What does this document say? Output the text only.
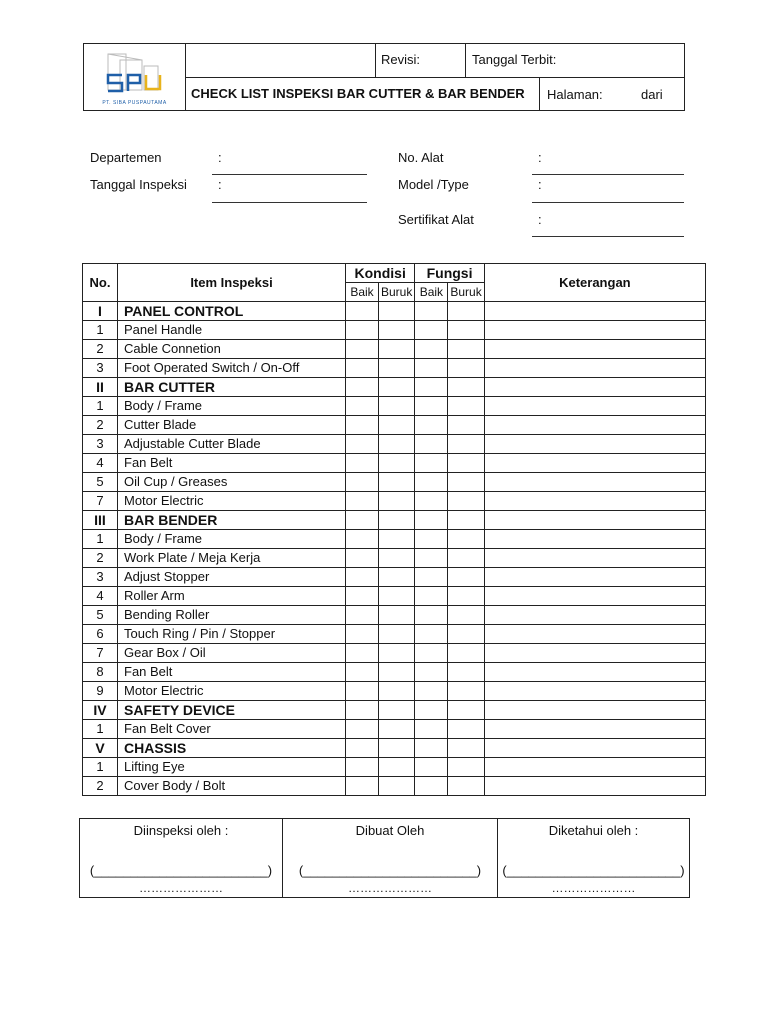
PT. SIBA PUSPAUTAMA
Revisi:	Tanggal Terbit:
CHECK LIST INSPEKSI BAR CUTTER & BAR BENDER Halaman:	dari
Departemen	:
Tanggal Inspeksi :
No. Alat	:
Model /Type	:
Sertifikat Alat	:
No.	Item Inspeksi	Kondisi		Fungsi		Keterangan
		Baik	Buruk	Baik	Buruk	
I	PANEL CONTROL					
1	Panel Handle					
2	Cable Connetion					
3	Foot Operated Switch / On-Off					
II	BAR CUTTER					
1	Body / Frame					
2	Cutter Blade					
3	Adjustable Cutter Blade					
4	Fan Belt					
5	Oil Cup / Greases					
7	Motor Electric					
III	BAR BENDER					
1	Body / Frame					
2	Work Plate / Meja Kerja					
3	Adjust Stopper					
4	Roller Arm					
5	Bending Roller					
6	Touch Ring / Pin / Stopper					
7	Gear Box / Oil					
8	Fan Belt					
9	Motor Electric					
IV	SAFETY DEVICE					
1	Fan Belt Cover					
V	CHASSIS					
1	Lifting Eye					
2	Cover Body / Bolt					
Diinspeksi oleh :
(________________________)
…………………
Dibuat Oleh
(________________________)
…………………
Diketahui oleh :
(________________________)
…………………
